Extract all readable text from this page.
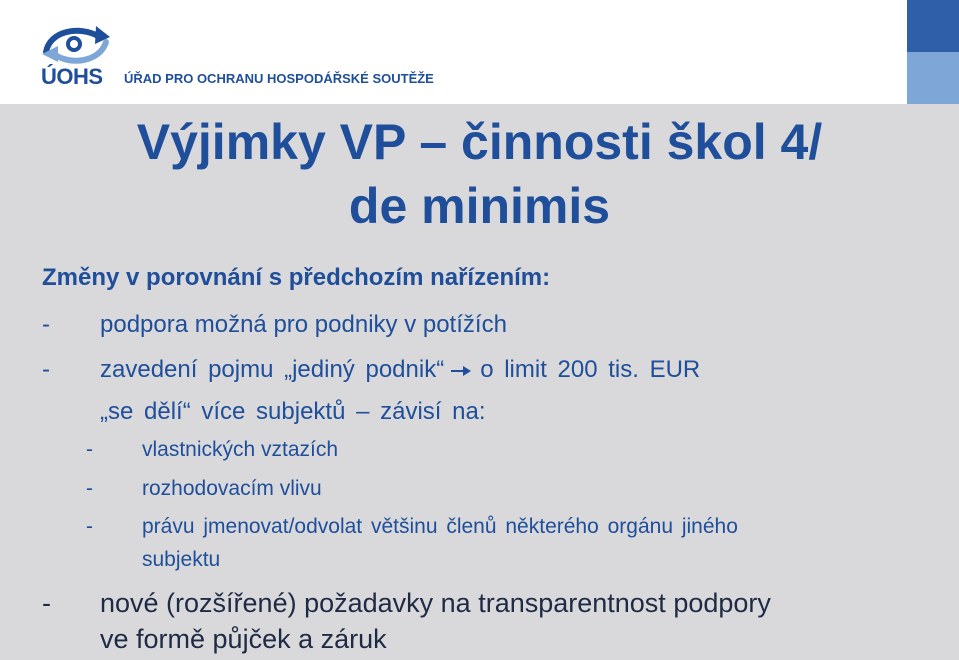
ÚOHS ÚŘAD PRO OCHRANU HOSPODÁŘSKÉ SOUTĚŽE
Výjimky VP – činnosti škol 4/
de minimis
Změny v porovnání s předchozím nařízením:
- podpora možná pro podniky v potížích
- zavedení pojmu „jediný podnik“ o limit 200 tis. EUR
„se dělí“ více subjektů – závisí na:
- vlastnických vztazích
- rozhodovacím vlivu
- právu jmenovat/odvolat většinu členů některého orgánu jiného
subjektu
- nové (rozšířené) požadavky na transparentnost podpory
ve formě půjček a záruk
